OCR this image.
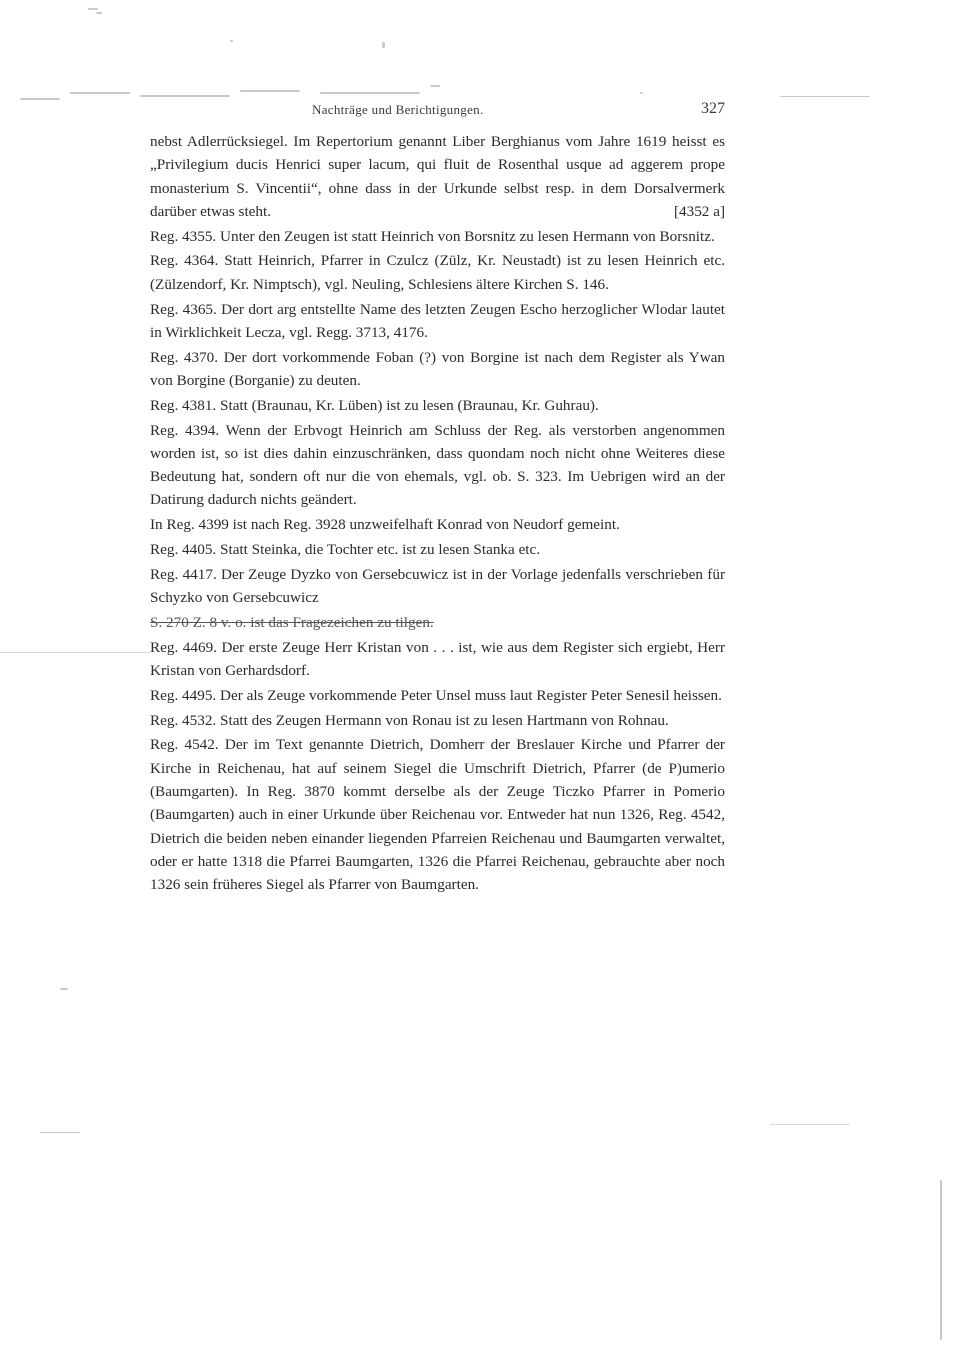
Nachträge und Berichtigungen.	327

nebst Adlerrücksiegel. Im Repertorium genannt Liber Berghianus vom Jahre 1619 heisst es „Privilegium ducis Henrici super lacum, qui fluit de Rosenthal usque ad aggerem prope monasterium S. Vincentii“, ohne dass in der Urkunde selbst resp. in dem Dorsalvermerk darüber etwas steht.	[4352 a]

Reg. 4355. Unter den Zeugen ist statt Heinrich von Borsnitz zu lesen Hermann von Borsnitz.

Reg. 4364. Statt Heinrich, Pfarrer in Czulcz (Zülz, Kr. Neustadt) ist zu lesen Heinrich etc. (Zülzendorf, Kr. Nimptsch), vgl. Neuling, Schlesiens ältere Kirchen S. 146.

Reg. 4365. Der dort arg entstellte Name des letzten Zeugen Escho herzoglicher Wlodar lautet in Wirklichkeit Lecza, vgl. Regg. 3713, 4176.

Reg. 4370. Der dort vorkommende Foban (?) von Borgine ist nach dem Register als Ywan von Borgine (Borganie) zu deuten.

Reg. 4381. Statt (Braunau, Kr. Lüben) ist zu lesen (Braunau, Kr. Guhrau).

Reg. 4394. Wenn der Erbvogt Heinrich am Schluss der Reg. als verstorben angenommen worden ist, so ist dies dahin einzuschränken, dass quondam noch nicht ohne Weiteres diese Bedeutung hat, sondern oft nur die von ehemals, vgl. ob. S. 323. Im Uebrigen wird an der Datirung dadurch nichts geändert.

In Reg. 4399 ist nach Reg. 3928 unzweifelhaft Konrad von Neudorf gemeint.

Reg. 4405. Statt Steinka, die Tochter etc. ist zu lesen Stanka etc.

Reg. 4417. Der Zeuge Dyzko von Gersebcuwicz ist in der Vorlage jedenfalls verschrieben für Schyzko von Gersebcuwicz

S. 270 Z. 8 v. o. ist das Fragezeichen zu tilgen.

Reg. 4469. Der erste Zeuge Herr Kristan von . . . ist, wie aus dem Register sich ergiebt, Herr Kristan von Gerhardsdorf.

Reg. 4495. Der als Zeuge vorkommende Peter Unsel muss laut Register Peter Senesil heissen.

Reg. 4532. Statt des Zeugen Hermann von Ronau ist zu lesen Hartmann von Rohnau.

Reg. 4542. Der im Text genannte Dietrich, Domherr der Breslauer Kirche und Pfarrer der Kirche in Reichenau, hat auf seinem Siegel die Umschrift Dietrich, Pfarrer (de P)umerio (Baumgarten). In Reg. 3870 kommt derselbe als der Zeuge Ticzko Pfarrer in Pomerio (Baumgarten) auch in einer Urkunde über Reichenau vor. Entweder hat nun 1326, Reg. 4542, Dietrich die beiden neben einander liegenden Pfarreien Reichenau und Baumgarten verwaltet, oder er hatte 1318 die Pfarrei Baumgarten, 1326 die Pfarrei Reichenau, gebrauchte aber noch 1326 sein früheres Siegel als Pfarrer von Baumgarten.
